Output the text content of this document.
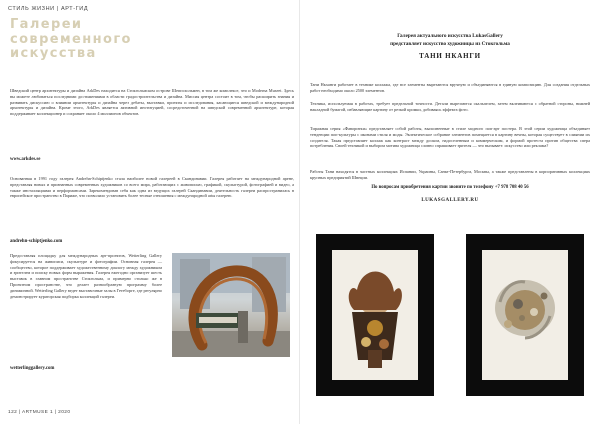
СТИЛЬ ЖИЗНИ | АРТ-ГИД
Галереи
современного
искусства

Шведский центр архитектуры и дизайна ArkDes находится на Стокгольмском острове Шеппсхольмен, в том же комплексе, что и Moderna Museet. Здесь вы можете любоваться последними достижениями в области градостроительства и дизайна. Миссия центра состоит в том, чтобы расширить знания и развивать дискуссию о влиянии архитектуры и дизайна через дебаты, выставки, проекты и исследования, касающиеся шведской и международной архитектуры и дизайна. Кроме этого, ArkDes является активной институцией, сосредоточенной на шведской современной архитектуре, которая поддерживает коллекционер и сохраняет около 4 миллионов объектов.

www.arkdes.se

Основанная в 1991 году галерея Andrehn-Schiptjenko стала наиболее новой галереей в Скандинавии. Галерея работает на международной арене, представляя новых и признанных современных художников со всего мира, работающих с живописью, графикой, скульптурой, фотографией и видео, а также инсталляциями и перформансами. Зарекомендовав себя как одна из ведущих галерей Скандинавии, деятельность галереи распространилась в европейское пространство в Париже, что позволило установить более тесные отношения с международной artы галерею.

andrehn-schiptjenko.com

Предоставляя площадку для международных арт-проектов, Wetterling Gallery фокусируется на живописи, скульптуре и фотографии. Основная галерея — сообщество, которое поддерживает художественному диалогу между художником и зрителем и поиску новых форм выражения. Галерея ежегодно организует шесть выставок в главном пространстве Стокгольма, и примерно столько же в Проектном пространстве, что делает разнообразную программу более динамичной. Wetterling Gallery ведет выставочные залы в Гетеборге, где регулярно демонстрирует кураторская подборка коллекций галереи.

wetterlinggallery.com
122 | ARTMUSE 1 | 2020
Галерея актуального искусства LukasGallery
представляет искусство художницы из Стокгольма
ТАНИ НКАНГИ

Тани Нкханги работает в технике коллажа, где все элементы вырезаются вручную и объединяются в единую композицию. Для создания отдельных работ необходимо около 2500 элементов.

Техника, используемая в работах, требует предельной точности. Детали вырезаются скальпелем, затем вклеиваются с обратной стороны, нижней накладной бумагой, избавляющие картину от резкой кромки, добиваясь эффекта фото.

Тиражная серия «Фаворитки» представляет собой работы, выполненные в стиле модного поп-арт постера. В этой серии художница объединяет тенденции поп-культуры с иконами стиля и моды. Эклектическое собрание элементов помещается в картину вечны, которая существует в слиянии их создателя. Такая представляет коллаж как контраст между доском, надоселенным и коммерческим, и формой протеста против общества спера потребления. Своей техникой и выбором мотива художница словно спрашивает зрителя — что вызывает: искусство или реклама?

Работы Тани находятся в частных коллекциях Испании, Украины, Санкт-Петербурга, Москвы, а также представлены в корпоративных коллекциях крупных предприятий Швеции.

По вопросам приобретения картин звоните по телефону +7 978 708 40 56
LUKASGALLERY.RU
